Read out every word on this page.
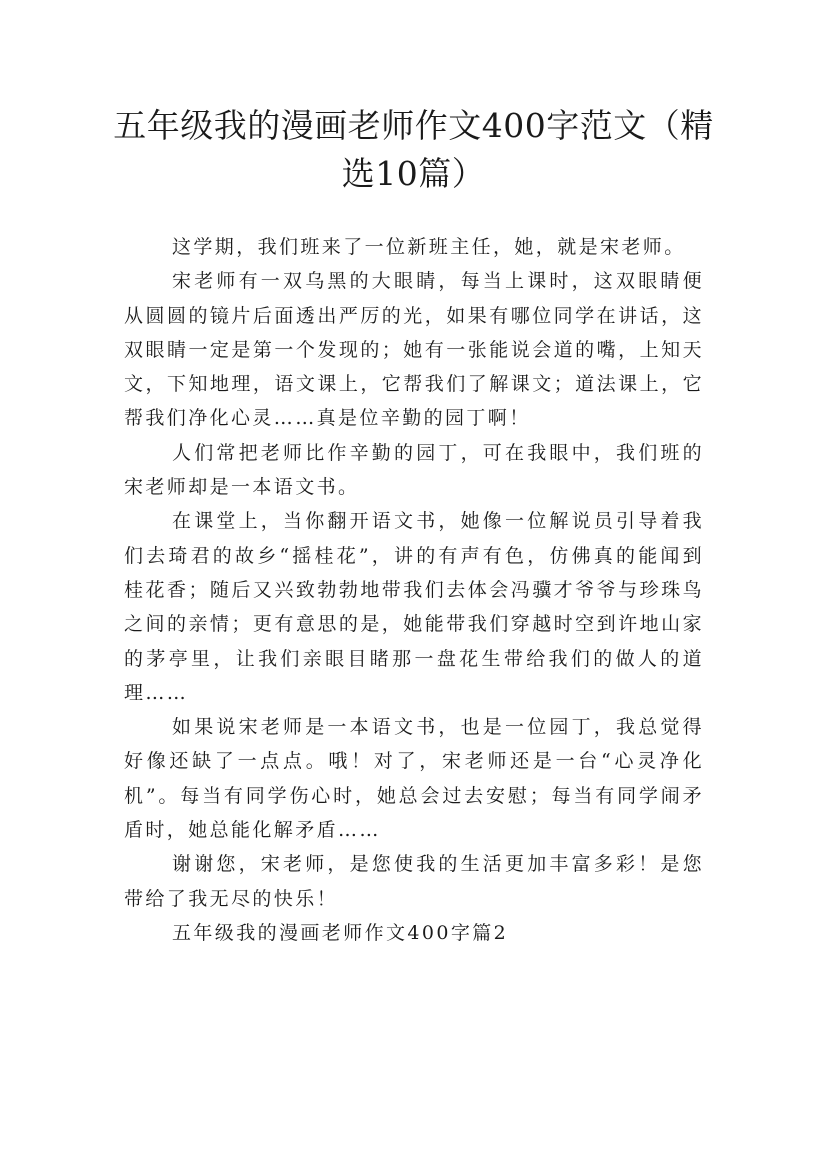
五年级我的漫画老师作文400字范文（精选10篇）

这学期，我们班来了一位新班主任，她，就是宋老师。

宋老师有一双乌黑的大眼睛，每当上课时，这双眼睛便从圆圆的镜片后面透出严厉的光，如果有哪位同学在讲话，这双眼睛一定是第一个发现的；她有一张能说会道的嘴，上知天文，下知地理，语文课上，它帮我们了解课文；道法课上，它帮我们净化心灵……真是位辛勤的园丁啊！

人们常把老师比作辛勤的园丁，可在我眼中，我们班的宋老师却是一本语文书。

在课堂上，当你翻开语文书，她像一位解说员引导着我们去琦君的故乡“摇桂花”，讲的有声有色，仿佛真的能闻到桂花香；随后又兴致勃勃地带我们去体会冯骥才爷爷与珍珠鸟之间的亲情；更有意思的是，她能带我们穿越时空到许地山家的茅亭里，让我们亲眼目睹那一盘花生带给我们的做人的道理……

如果说宋老师是一本语文书，也是一位园丁，我总觉得好像还缺了一点点。哦！对了，宋老师还是一台“心灵净化机”。每当有同学伤心时，她总会过去安慰；每当有同学闹矛盾时，她总能化解矛盾……

谢谢您，宋老师，是您使我的生活更加丰富多彩！是您带给了我无尽的快乐！

五年级我的漫画老师作文400字篇2
